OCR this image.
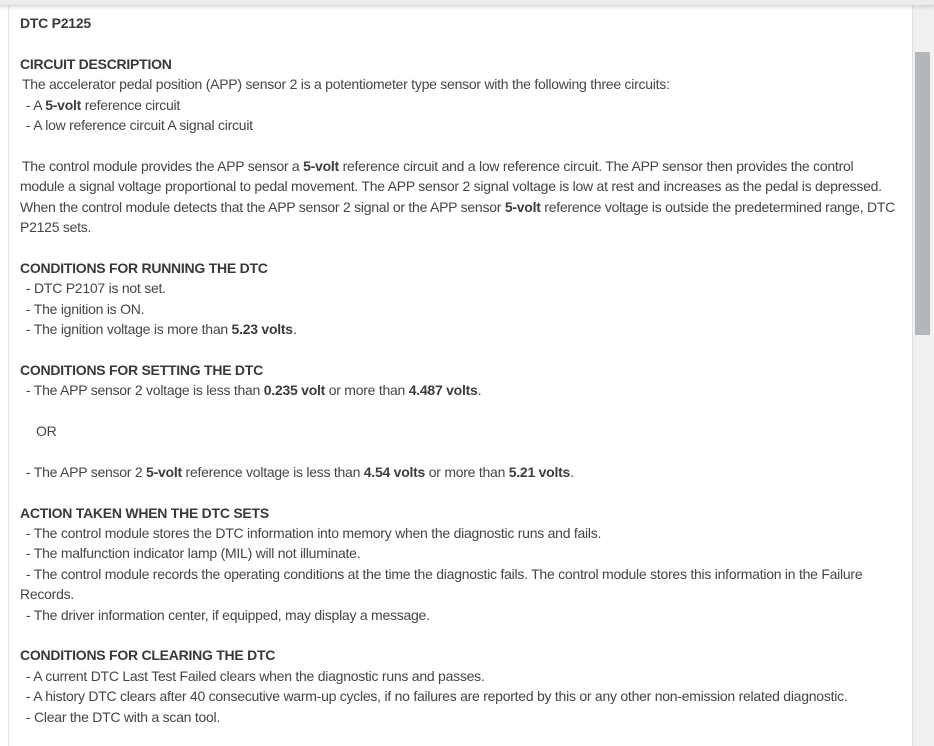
DTC P2125

CIRCUIT DESCRIPTION

The accelerator pedal position (APP) sensor 2 is a potentiometer type sensor with the following three circuits:

- A 5-volt reference circuit

- A low reference circuit A signal circuit

The control module provides the APP sensor a 5-volt reference circuit and a low reference circuit. The APP sensor then provides the control module a signal voltage proportional to pedal movement. The APP sensor 2 signal voltage is low at rest and increases as the pedal is depressed. When the control module detects that the APP sensor 2 signal or the APP sensor 5-volt reference voltage is outside the predetermined range, DTC P2125 sets.

CONDITIONS FOR RUNNING THE DTC

- DTC P2107 is not set.

- The ignition is ON.

- The ignition voltage is more than 5.23 volts.

CONDITIONS FOR SETTING THE DTC

- The APP sensor 2 voltage is less than 0.235 volt or more than 4.487 volts.

OR

- The APP sensor 2 5-volt reference voltage is less than 4.54 volts or more than 5.21 volts.

ACTION TAKEN WHEN THE DTC SETS

- The control module stores the DTC information into memory when the diagnostic runs and fails.

- The malfunction indicator lamp (MIL) will not illuminate.

- The control module records the operating conditions at the time the diagnostic fails. The control module stores this information in the Failure Records.

- The driver information center, if equipped, may display a message.

CONDITIONS FOR CLEARING THE DTC

- A current DTC Last Test Failed clears when the diagnostic runs and passes.

- A history DTC clears after 40 consecutive warm-up cycles, if no failures are reported by this or any other non-emission related diagnostic.

- Clear the DTC with a scan tool.
